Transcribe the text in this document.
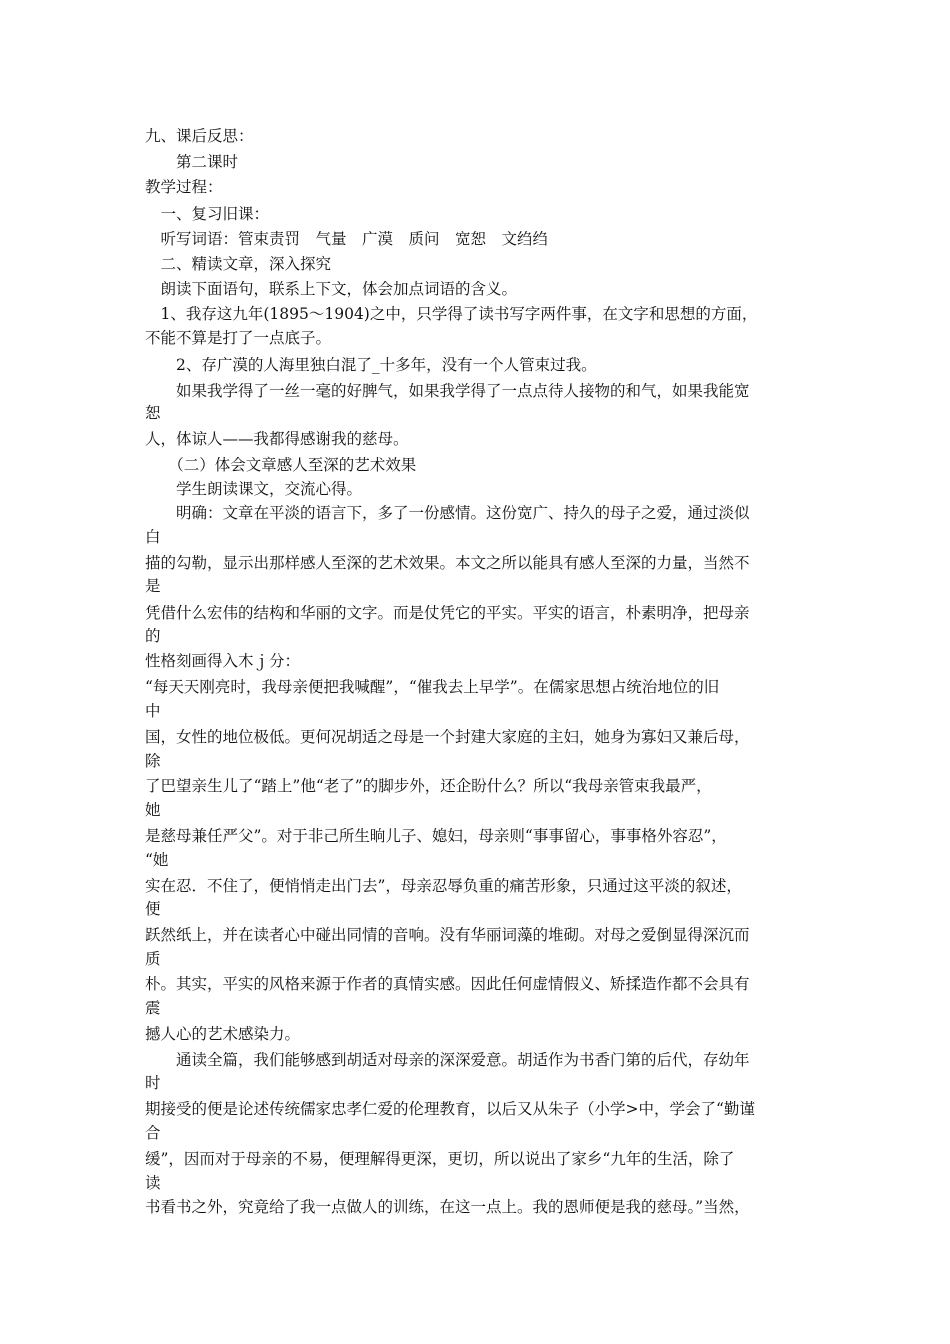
九、课后反思：
　　第二课时
教学过程：
　一、复习旧课：
　听写词语：管束责罚　气量　广漠　质问　宽恕　文绉绉
　二、精读文章，深入探究
　朗读下面语句，联系上下文，体会加点词语的含义。
　1、我存这九年(1895～1904)之中，只学得了读书写字两件事，在文字和思想的方面，
不能不算是打了一点底子。
　　2、存广漠的人海里独白混了_十多年，没有一个人管束过我。
　　如果我学得了一丝一毫的好脾气，如果我学得了一点点待人接物的和气，如果我能宽
恕
人，体谅人——我都得感谢我的慈母。
　　（二）体会文章感人至深的艺术效果
　　学生朗读课文，交流心得。
　　明确：文章在平淡的语言下，多了一份感情。这份宽广、持久的母子之爱，通过淡似
白
描的勾勒，显示出那样感人至深的艺术效果。本文之所以能具有感人至深的力量，当然不
是
凭借什么宏伟的结构和华丽的文字。而是仗凭它的平实。平实的语言，朴素明净，把母亲
的
性格刻画得入木ｊ分：
“每天天刚亮时，我母亲便把我喊醒”，“催我去上早学”。在儒家思想占统治地位的旧
中
国，女性的地位极低。更何况胡适之母是一个封建大家庭的主妇，她身为寡妇又兼后母，
除
了巴望亲生儿了“踏上”他“老了”的脚步外，还企盼什么？所以“我母亲管束我最严，
她
是慈母兼任严父”。对于非己所生晌儿子、媳妇，母亲则“事事留心，事事格外容忍”，
“她
实在忍．不住了，便悄悄走出门去”，母亲忍辱负重的痛苦形象，只通过这平淡的叙述，
便
跃然纸上，并在读者心中碰出同情的音响。没有华丽词藻的堆砌。对母之爱倒显得深沉而
质
朴。其实，平实的风格来源于作者的真情实感。因此任何虚情假义、矫揉造作都不会具有
震
撼人心的艺术感染力。
　　通读全篇，我们能够感到胡适对母亲的深深爱意。胡适作为书香门第的后代，存幼年
时
期接受的便是论述传统儒家忠孝仁爱的伦理教育，以后又从朱子（小学>中，学会了“勤谨
合
缓”，因而对于母亲的不易，便理解得更深，更切，所以说出了家乡“九年的生活，除了
读
书看书之外，究竟给了我一点做人的训练，在这一点上。我的恩师便是我的慈母。”当然，
